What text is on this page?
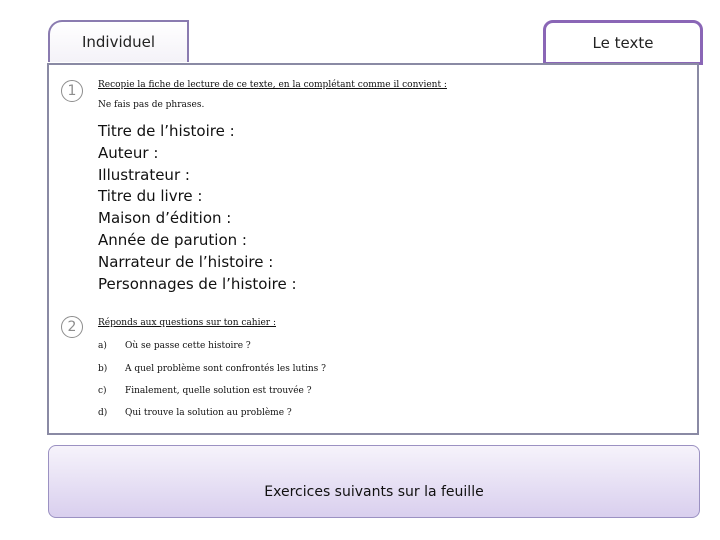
Individuel	Le texte
1	Recopie la fiche de lecture de ce texte, en la complétant comme il convient :
Ne fais pas de phrases.
Titre de l’histoire :
Auteur :
Illustrateur :
Titre du livre :
Maison d’édition :
Année de parution :
Narrateur de l’histoire :
Personnages de l’histoire :
2	Réponds aux questions sur ton cahier :
a) Où se passe cette histoire ?
b) A quel problème sont confrontés les lutins ?
c) Finalement, quelle solution est trouvée ?
d) Qui trouve la solution au problème ?
Exercices suivants sur la feuille
